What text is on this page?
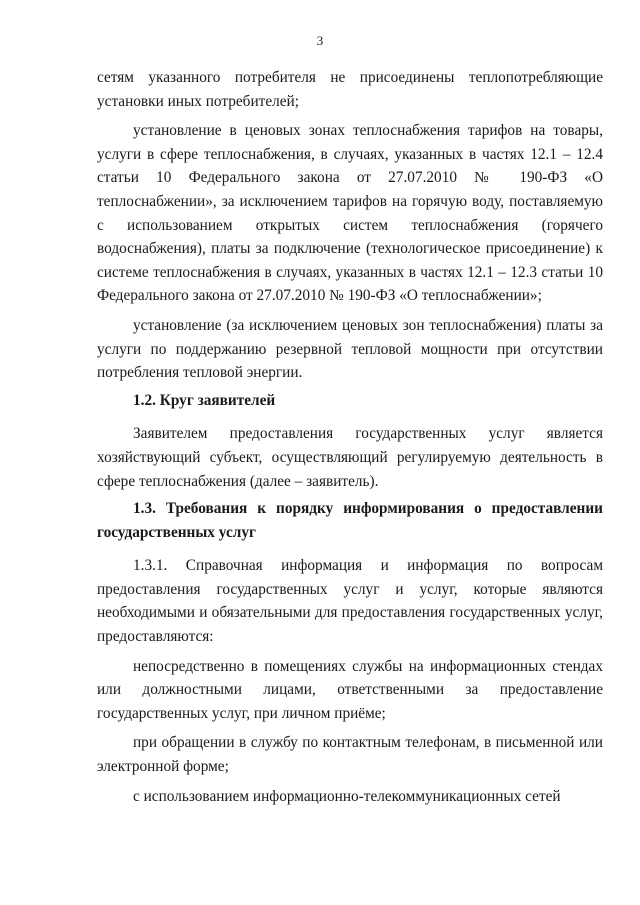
3

сетям указанного потребителя не присоединены теплопотребляющие установки иных потребителей;

установление в ценовых зонах теплоснабжения тарифов на товары, услуги в сфере теплоснабжения, в случаях, указанных в частях 12.1 – 12.4 статьи 10 Федерального закона от 27.07.2010 № 190-ФЗ «О теплоснабжении», за исключением тарифов на горячую воду, поставляемую с использованием открытых систем теплоснабжения (горячего водоснабжения), платы за подключение (технологическое присоединение) к системе теплоснабжения в случаях, указанных в частях 12.1 – 12.3 статьи 10 Федерального закона от 27.07.2010 № 190-ФЗ «О теплоснабжении»;

установление (за исключением ценовых зон теплоснабжения) платы за услуги по поддержанию резервной тепловой мощности при отсутствии потребления тепловой энергии.

1.2. Круг заявителей

Заявителем предоставления государственных услуг является хозяйствующий субъект, осуществляющий регулируемую деятельность в сфере теплоснабжения (далее – заявитель).

1.3. Требования к порядку информирования о предоставлении государственных услуг

1.3.1. Справочная информация и информация по вопросам предоставления государственных услуг и услуг, которые являются необходимыми и обязательными для предоставления государственных услуг, предоставляются:

непосредственно в помещениях службы на информационных стендах или должностными лицами, ответственными за предоставление государственных услуг, при личном приёме;

при обращении в службу по контактным телефонам, в письменной или электронной форме;

с использованием информационно-телекоммуникационных сетей
